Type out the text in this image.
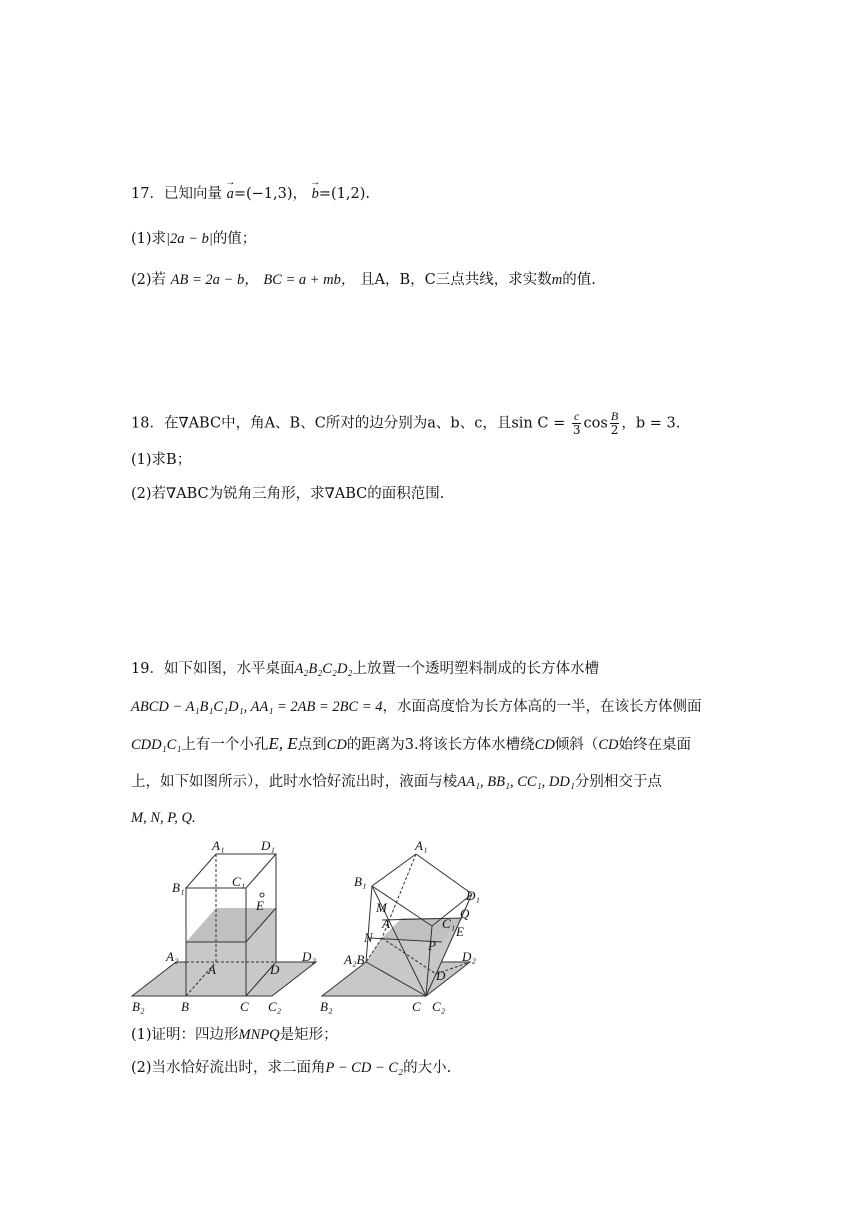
17．已知向量 → a=(−1,3)， → b=(1,2).
(1)求|2a − b|的值；
(2)若 AB = 2a − b， BC = a + mb， 且A，B，C三点共线，求实数m的值.
18．在∇ABC中，角A、B、C所对的边分别为a、b、c，且$\sin C = \frac{c}{3}$ $\cos \frac{B}{2}$ ，b = 3.
(1)求B；
(2)若∇ABC为锐角三角形，求∇ABC的面积范围.
19．如下如图，水平桌面A₂B₂C₂D₂上放置一个透明塑料制成的长方体水槽
ABCD − A₁B₁C₁D₁, AA₁ = 2AB = 2BC = 4，水面高度恰为长方体高的一半，在该长方体侧面
CDD₁C₁上有一个小孔E, E点到CD的距离为3.将该长方体水槽绕CD倾斜（CD始终在桌面
上，如下如图所示），此时水恰好流出时，液面与棱AA₁, BB₁, CC₁, DD₁分别相交于点
M, N, P, Q.
A₁	D₁
B₁	C₁
E
A₂
A	D
D₂
B₂	B	C C₂
A₁
B₁
D₁
M	Q
A	C₁
E
N
P
A₂B	D₂
D
B₂	C C₂
(1)证明：四边形MNPQ是矩形；
(2)当水恰好流出时，求二面角P − CD − C₂的大小.
